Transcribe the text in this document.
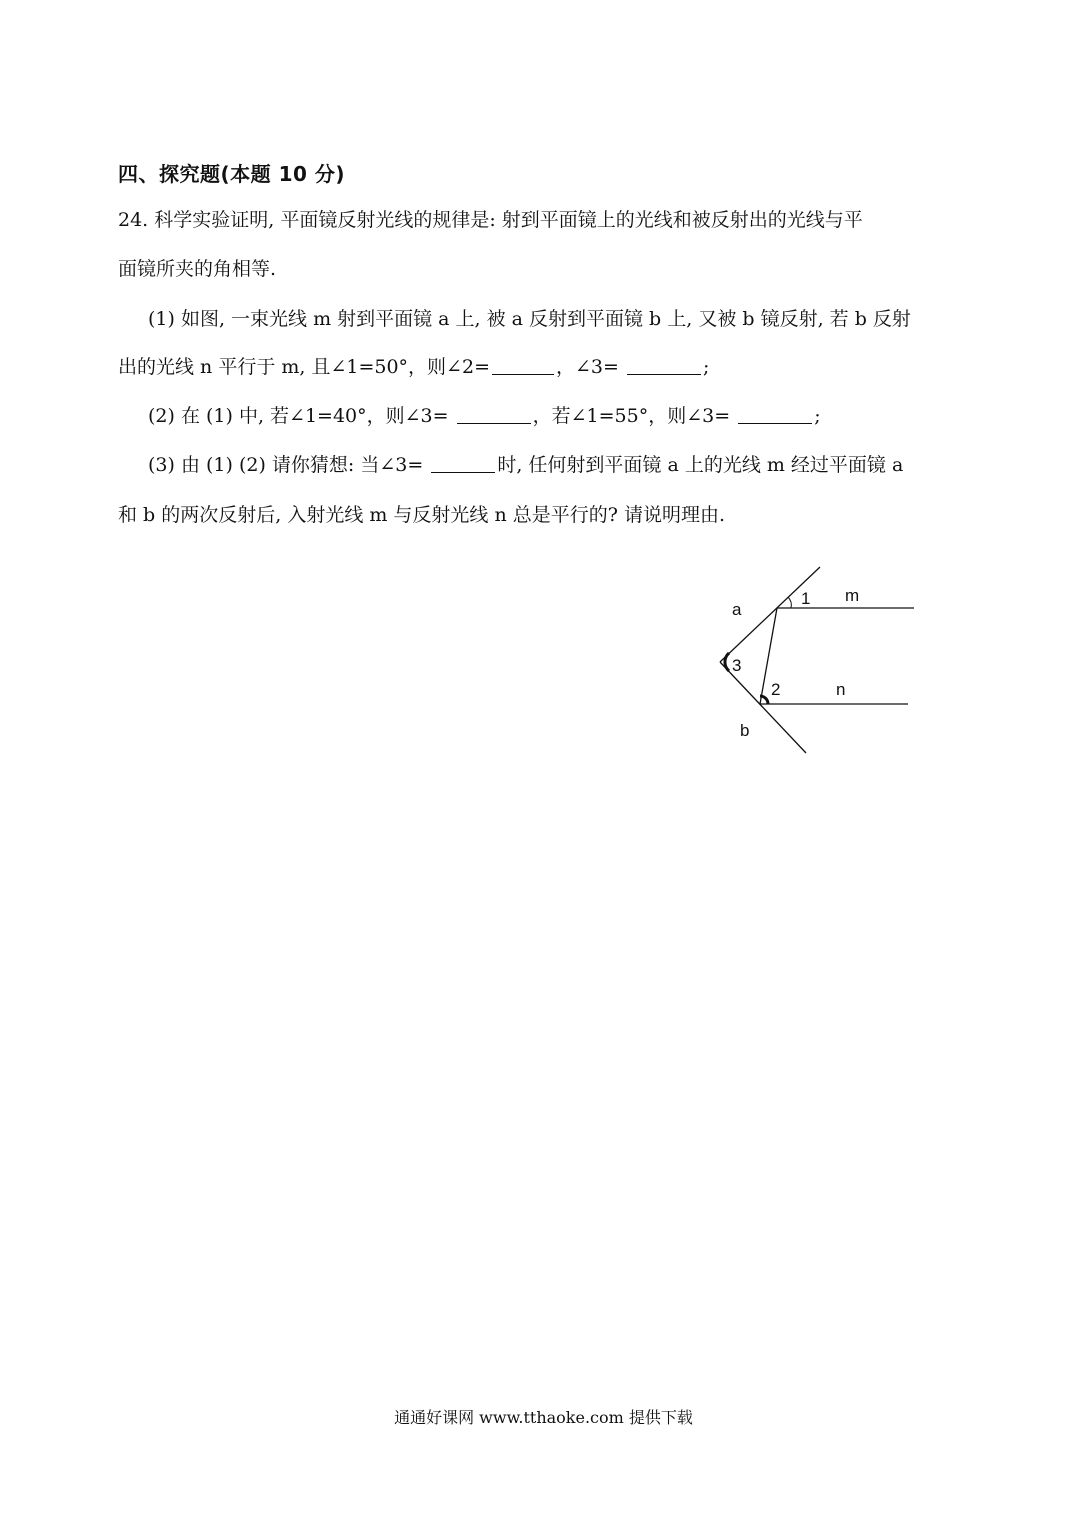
四、探究题(本题 10 分)
24. 科学实验证明, 平面镜反射光线的规律是: 射到平面镜上的光线和被反射出的光线与平
面镜所夹的角相等.
(1) 如图, 一束光线 m 射到平面镜 a 上, 被 a 反射到平面镜 b 上, 又被 b 镜反射, 若 b 反射
出的光线 n 平行于 m, 且∠1=50°，则∠2=	，∠3=	;
(2) 在 (1) 中, 若∠1=40°，则∠3=	，若∠1=55°，则∠3=	;
(3) 由 (1) (2) 请你猜想: 当∠3=	时, 任何射到平面镜 a 上的光线 m 经过平面镜 a
和 b 的两次反射后, 入射光线 m 与反射光线 n 总是平行的? 请说明理由.
a
b
m
n
1
2
3
通通好课网 www.tthaoke.com 提供下载
